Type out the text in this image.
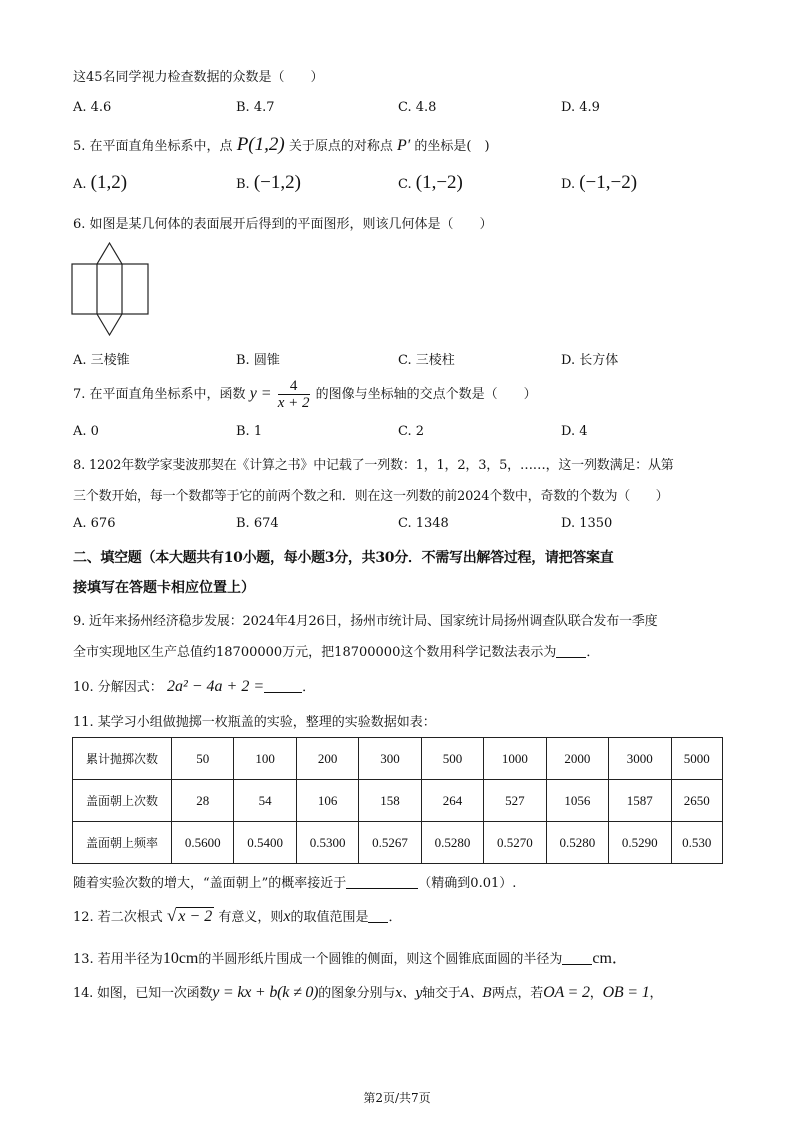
这45名同学视力检查数据的众数是（　　）
A. 4.6	B. 4.7	C. 4.8	D. 4.9
5. 在平面直角坐标系中，点 P(1,2) 关于原点的对称点 P′ 的坐标是(　)
A. (1,2)	B. (−1,2)	C. (1,−2)	D. (−1,−2)
6. 如图是某几何体的表面展开后得到的平面图形，则该几何体是（　　）
A. 三棱锥	B. 圆锥	C. 三棱柱	D. 长方体
7. 在平面直角坐标系中，函数 $y = \frac{4}{x + 2}$ 的图像与坐标轴的交点个数是（　　）
A. 0	B. 1	C. 2	D. 4
8. 1202年数学家斐波那契在《计算之书》中记载了一列数：1，1，2，3，5，……，这一列数满足：从第
三个数开始，每一个数都等于它的前两个数之和．则在这一列数的前2024个数中，奇数的个数为（　　）
A. 676	B. 674	C. 1348	D. 1350
二、填空题（本大题共有10小题，每小题3分，共30分．不需写出解答过程，请把答案直
接填写在答题卡相应位置上）
9. 近年来扬州经济稳步发展：2024年4月26日，扬州市统计局、国家统计局扬州调查队联合发布一季度
全市实现地区生产总值约18700000万元，把18700000这个数用科学记数法表示为 ．
10. 分解因式： 2a² − 4a + 2 =	．
11. 某学习小组做抛掷一枚瓶盖的实验，整理的实验数据如表：
累计抛掷次数	50	100	200	300	500	1000	2000	3000	5000
盖面朝上次数	28	54	106	158	264	527	1056	1587	2650
盖面朝上频率	0.5600	0.5400	0.5300	0.5267	0.5280	0.5270	0.5280	0.5290	0.530
随着实验次数的增大，“盖面朝上”的概率接近于	（精确到0.01）.
12. 若二次根式 √ x − 2 有意义，则x的取值范围是 ．
13. 若用半径为10cm的半圆形纸片围成一个圆锥的侧面，则这个圆锥底面圆的半径为 cm．
14. 如图，已知一次函数y = kx + b(k ≠ 0)的图象分别与x、y轴交于A、B两点，若OA = 2，OB = 1，
第2页/共7页
